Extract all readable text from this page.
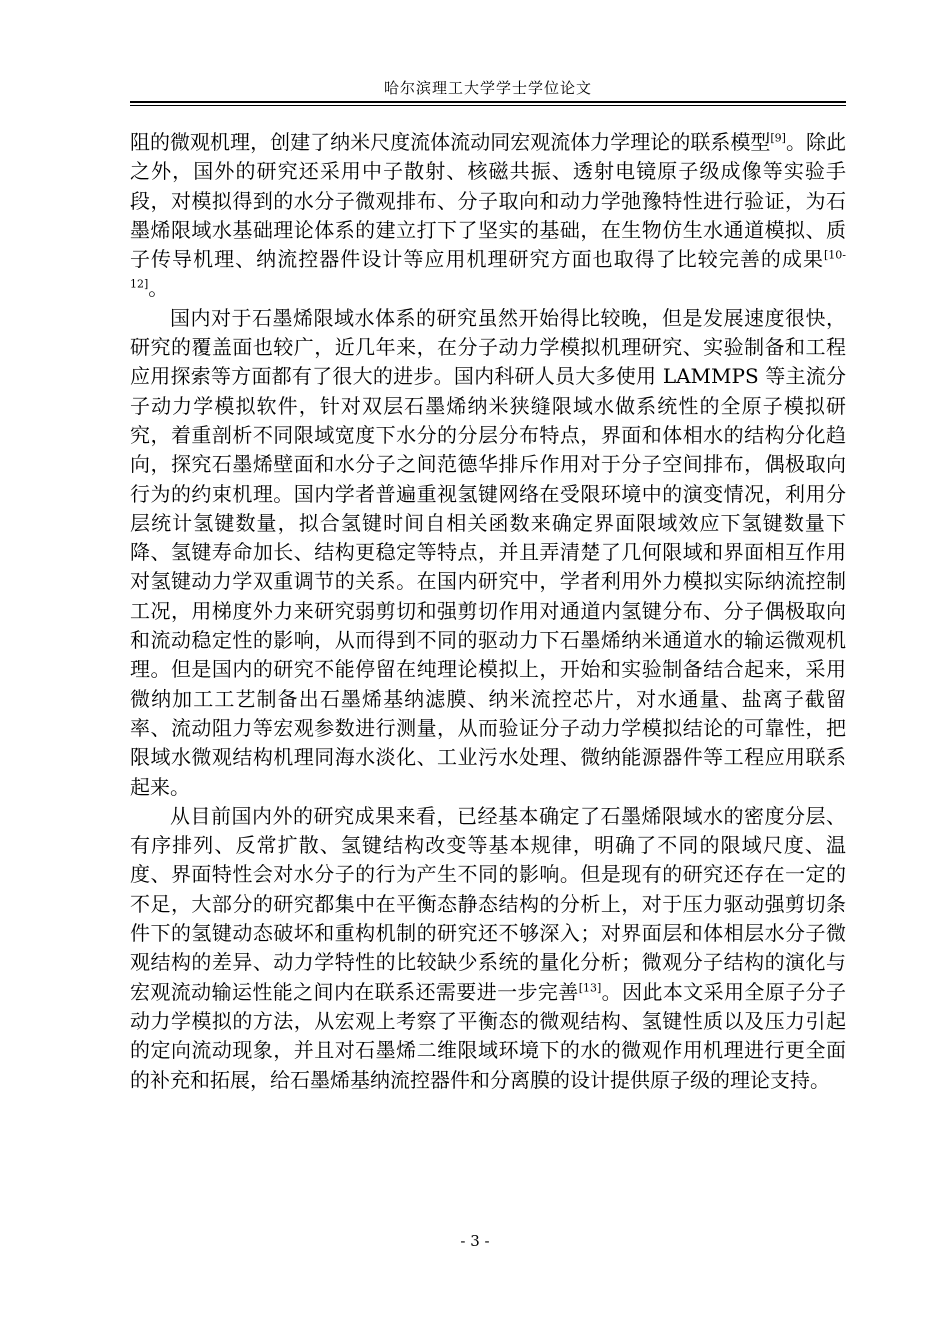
哈尔滨理工大学学士学位论文

阻的微观机理，创建了纳米尺度流体流动同宏观流体力学理论的联系模型[9]。除此之外，国外的研究还采用中子散射、核磁共振、透射电镜原子级成像等实验手段，对模拟得到的水分子微观排布、分子取向和动力学弛豫特性进行验证，为石墨烯限域水基础理论体系的建立打下了坚实的基础，在生物仿生水通道模拟、质子传导机理、纳流控器件设计等应用机理研究方面也取得了比较完善的成果[10-12]。

国内对于石墨烯限域水体系的研究虽然开始得比较晚，但是发展速度很快，研究的覆盖面也较广，近几年来，在分子动力学模拟机理研究、实验制备和工程应用探索等方面都有了很大的进步。国内科研人员大多使用 LAMMPS 等主流分子动力学模拟软件，针对双层石墨烯纳米狭缝限域水做系统性的全原子模拟研究，着重剖析不同限域宽度下水分的分层分布特点，界面和体相水的结构分化趋向，探究石墨烯壁面和水分子之间范德华排斥作用对于分子空间排布，偶极取向行为的约束机理。国内学者普遍重视氢键网络在受限环境中的演变情况，利用分层统计氢键数量，拟合氢键时间自相关函数来确定界面限域效应下氢键数量下降、氢键寿命加长、结构更稳定等特点，并且弄清楚了几何限域和界面相互作用对氢键动力学双重调节的关系。在国内研究中，学者利用外力模拟实际纳流控制工况，用梯度外力来研究弱剪切和强剪切作用对通道内氢键分布、分子偶极取向和流动稳定性的影响，从而得到不同的驱动力下石墨烯纳米通道水的输运微观机理。但是国内的研究不能停留在纯理论模拟上，开始和实验制备结合起来，采用微纳加工工艺制备出石墨烯基纳滤膜、纳米流控芯片，对水通量、盐离子截留率、流动阻力等宏观参数进行测量，从而验证分子动力学模拟结论的可靠性，把限域水微观结构机理同海水淡化、工业污水处理、微纳能源器件等工程应用联系起来。

从目前国内外的研究成果来看，已经基本确定了石墨烯限域水的密度分层、有序排列、反常扩散、氢键结构改变等基本规律，明确了不同的限域尺度、温度、界面特性会对水分子的行为产生不同的影响。但是现有的研究还存在一定的不足，大部分的研究都集中在平衡态静态结构的分析上，对于压力驱动强剪切条件下的氢键动态破坏和重构机制的研究还不够深入；对界面层和体相层水分子微观结构的差异、动力学特性的比较缺少系统的量化分析；微观分子结构的演化与宏观流动输运性能之间内在联系还需要进一步完善[13]。因此本文采用全原子分子动力学模拟的方法，从宏观上考察了平衡态的微观结构、氢键性质以及压力引起的定向流动现象，并且对石墨烯二维限域环境下的水的微观作用机理进行更全面的补充和拓展，给石墨烯基纳流控器件和分离膜的设计提供原子级的理论支持。

- 3 -
